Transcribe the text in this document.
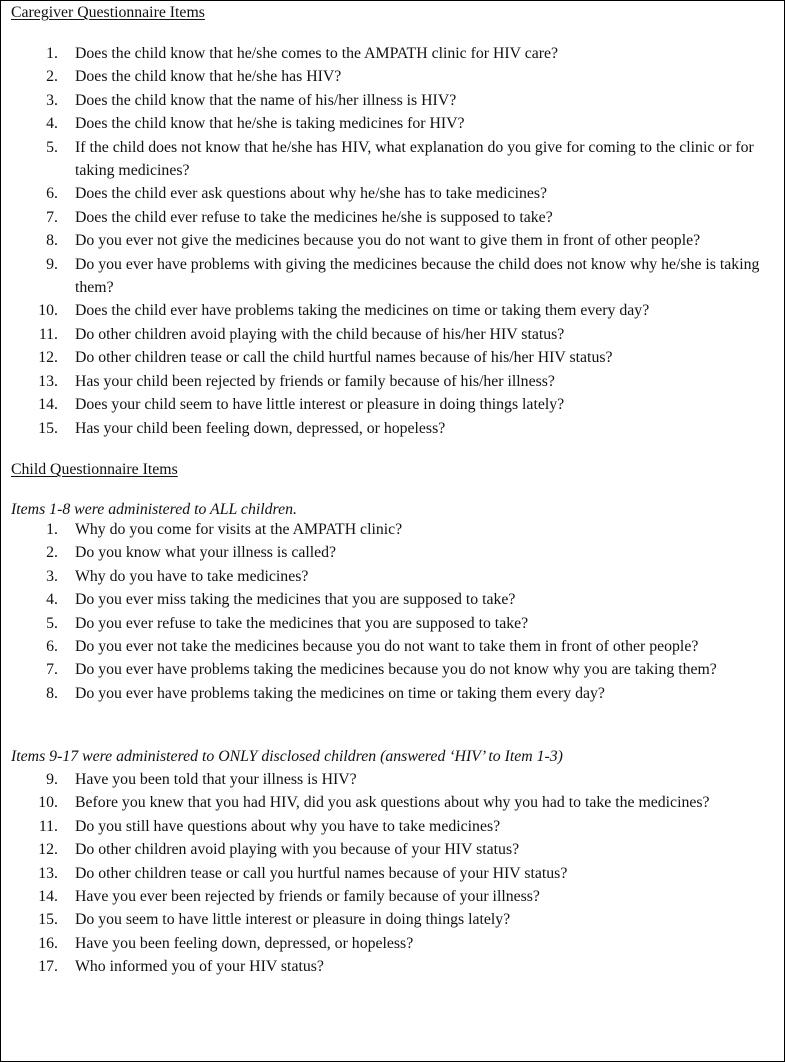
Caregiver Questionnaire Items
1. Does the child know that he/she comes to the AMPATH clinic for HIV care?
2. Does the child know that he/she has HIV?
3. Does the child know that the name of his/her illness is HIV?
4. Does the child know that he/she is taking medicines for HIV?
5. If the child does not know that he/she has HIV, what explanation do you give for coming to the clinic or for taking medicines?
6. Does the child ever ask questions about why he/she has to take medicines?
7. Does the child ever refuse to take the medicines he/she is supposed to take?
8. Do you ever not give the medicines because you do not want to give them in front of other people?
9. Do you ever have problems with giving the medicines because the child does not know why he/she is taking them?
10. Does the child ever have problems taking the medicines on time or taking them every day?
11. Do other children avoid playing with the child because of his/her HIV status?
12. Do other children tease or call the child hurtful names because of his/her HIV status?
13. Has your child been rejected by friends or family because of his/her illness?
14. Does your child seem to have little interest or pleasure in doing things lately?
15. Has your child been feeling down, depressed, or hopeless?
Child Questionnaire Items
Items 1-8 were administered to ALL children.
1. Why do you come for visits at the AMPATH clinic?
2. Do you know what your illness is called?
3. Why do you have to take medicines?
4. Do you ever miss taking the medicines that you are supposed to take?
5. Do you ever refuse to take the medicines that you are supposed to take?
6. Do you ever not take the medicines because you do not want to take them in front of other people?
7. Do you ever have problems taking the medicines because you do not know why you are taking them?
8. Do you ever have problems taking the medicines on time or taking them every day?
Items 9-17 were administered to ONLY disclosed children (answered ‘HIV’ to Item 1-3)
9. Have you been told that your illness is HIV?
10. Before you knew that you had HIV, did you ask questions about why you had to take the medicines?
11. Do you still have questions about why you have to take medicines?
12. Do other children avoid playing with you because of your HIV status?
13. Do other children tease or call you hurtful names because of your HIV status?
14. Have you ever been rejected by friends or family because of your illness?
15. Do you seem to have little interest or pleasure in doing things lately?
16. Have you been feeling down, depressed, or hopeless?
17. Who informed you of your HIV status?
